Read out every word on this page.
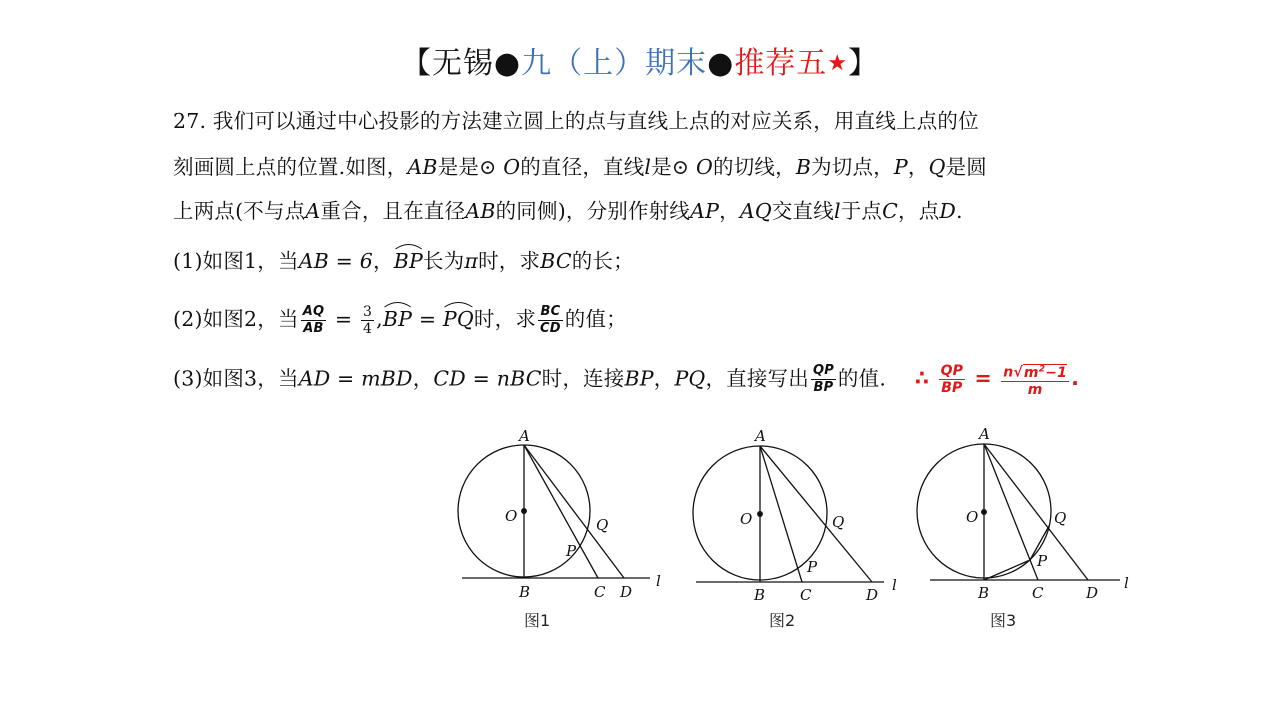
【无锡●九（上）期末●推荐五★】
27. 我们可以通过中心投影的方法建立圆上的点与直线上点的对应关系，用直线上点的位
刻画圆上点的位置.如图，AB是是⊙ O的直径，直线l是⊙ O的切线，B为切点，P，Q是圆
上两点(不与点A重合，且在直径AB的同侧)，分别作射线AP，AQ交直线l于点C，点D.
(1)如图1，当AB = 6，
BP长为π时，求BC的长；
(2)如图2，当 $\frac{AQ}{AB} = \frac{3}{4}$ ,
BP =
PQ时，求 $\frac{BC}{CD}$ 的值；
(3)如图3，当AD = mBD，CD = nBC时，连接BP，PQ，直接写出 $\frac{QP}{BP}$ 的值. ∴ $\frac{QP}{BP} = \frac{n√m^2-1}{m}$ .
A
O	Q
P
B	C D
l
A
O	Q
P
B C	D
l
A
O	Q
P
B	C	D
l
图1	图2	图3
